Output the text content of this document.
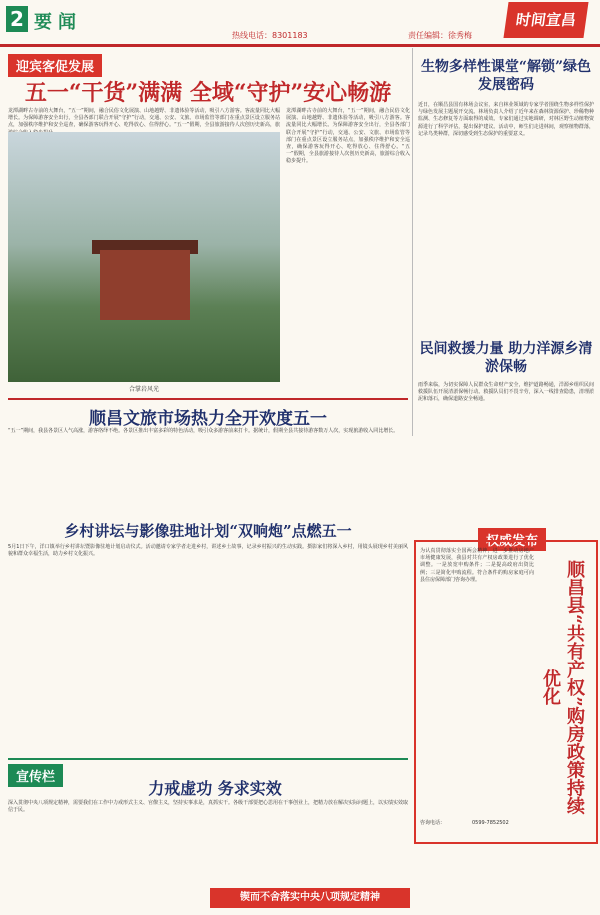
2 要闻
热线电话：8301183	责任编辑：徐秀梅
时间宣昌
迎宾客促发展
五一“干货”满满 全域“守护”安心畅游
龙潭湖畔古寺前的大舞台，“五一”期间，融合民俗文化展演、山地越野、非遗体验等活动，吸引八方游客。客流量同比大幅增长。为保障游客安全出行，全县各部门联合开展“守护”行动，交通、公安、文旅、市场监管等部门在重点景区设立服务站点，加强秩序维护和安全巡查，确保游客玩得开心、吃得放心、住得舒心。“五一”假期，全县旅游接待人次创历史新高，旅
合掌岩风光
龙潭湖畔古寺前的大舞台，“五一”期间，融合民俗文化展演、山地越野、非遗体验等活动，吸引八方游客。客流量同比大幅增长。为保障游客安全出行，全县各部门联合开展“守护”行动，交通、公安、文旅、市场监管等部门在重点景区设立服务站点，加强秩序维护和安全巡查，确保游客玩得开心、吃得放心、住得舒心。“五一”假期，全县旅游接待人次创历史新高，旅游综合收入稳步提升。
生物多样性课堂“解锁”绿色发展密码
近日，在顺昌县国有林场会议室，来自林业领域的专家学者围绕生物多样性保护与绿色发展主题展开交流。林场负责人介绍了近年来在森林资源保护、珍稀物种监测、生态修复等方面取得的成效。专家们通过实地调研，对林区野生动植物资源进行了科学评估，提出保护建议。活动中，师生们走进林间，观察植物群落，记录鸟类种群，深切感受到生态保护的重要意义。
民间救援力量 助力洋源乡清淤保畅
雨季来临，为切实保障人民群众生命财产安全，维护道路畅通，洋源乡组织民间救援队伍开展清淤保畅行动。救援队员们不畏辛劳，深入一线排查隐患，清理淤泥和落石，确保道路安全畅通。
顺昌文旅市场热力全开欢度五一
“五一”期间，我县各景区人气高涨，游客络绎不绝。各景区推出丰富多彩的特色活动，吸引众多游客前来打卡。据统计，假期全县共接待游客数万人次，实现旅游收入同比增长。
乡村讲坛与影像驻地计划“双响炮”点燃五一
5月1日下午，洋口镇举行乡村讲坛暨影像驻地计划启动仪式。活动邀请专家学者走进乡村，讲述乡土故事，记录乡村振兴的生动实践。摄影家们将深入乡村，用镜头展现乡村美丽风貌和群众幸福生活，助力乡村文化振兴。
权威发布
为认真贯彻落实全国两会精神，进一步推动房地产市场健康发展，我县对共有产权房政策进行了优化调整。一是放宽申购条件；二是提高政府出资比例；三是简化申购流程。符合条件的购房家庭可向县住房保障部门咨询办理。	顺昌县“共有产权”购房政策持续优化
咨询电话：	0599-7852502
宣传栏
力戒虚功 务求实效
深入贯彻中央八项规定精神，需要我们在工作中力戒形式主义、官僚主义，坚持实事求是，真抓实干。各级干部要把心思用在干事创业上，把精力放在解决实际问题上，以实绩实效取信于民。
锲而不舍落实中央八项规定精神
